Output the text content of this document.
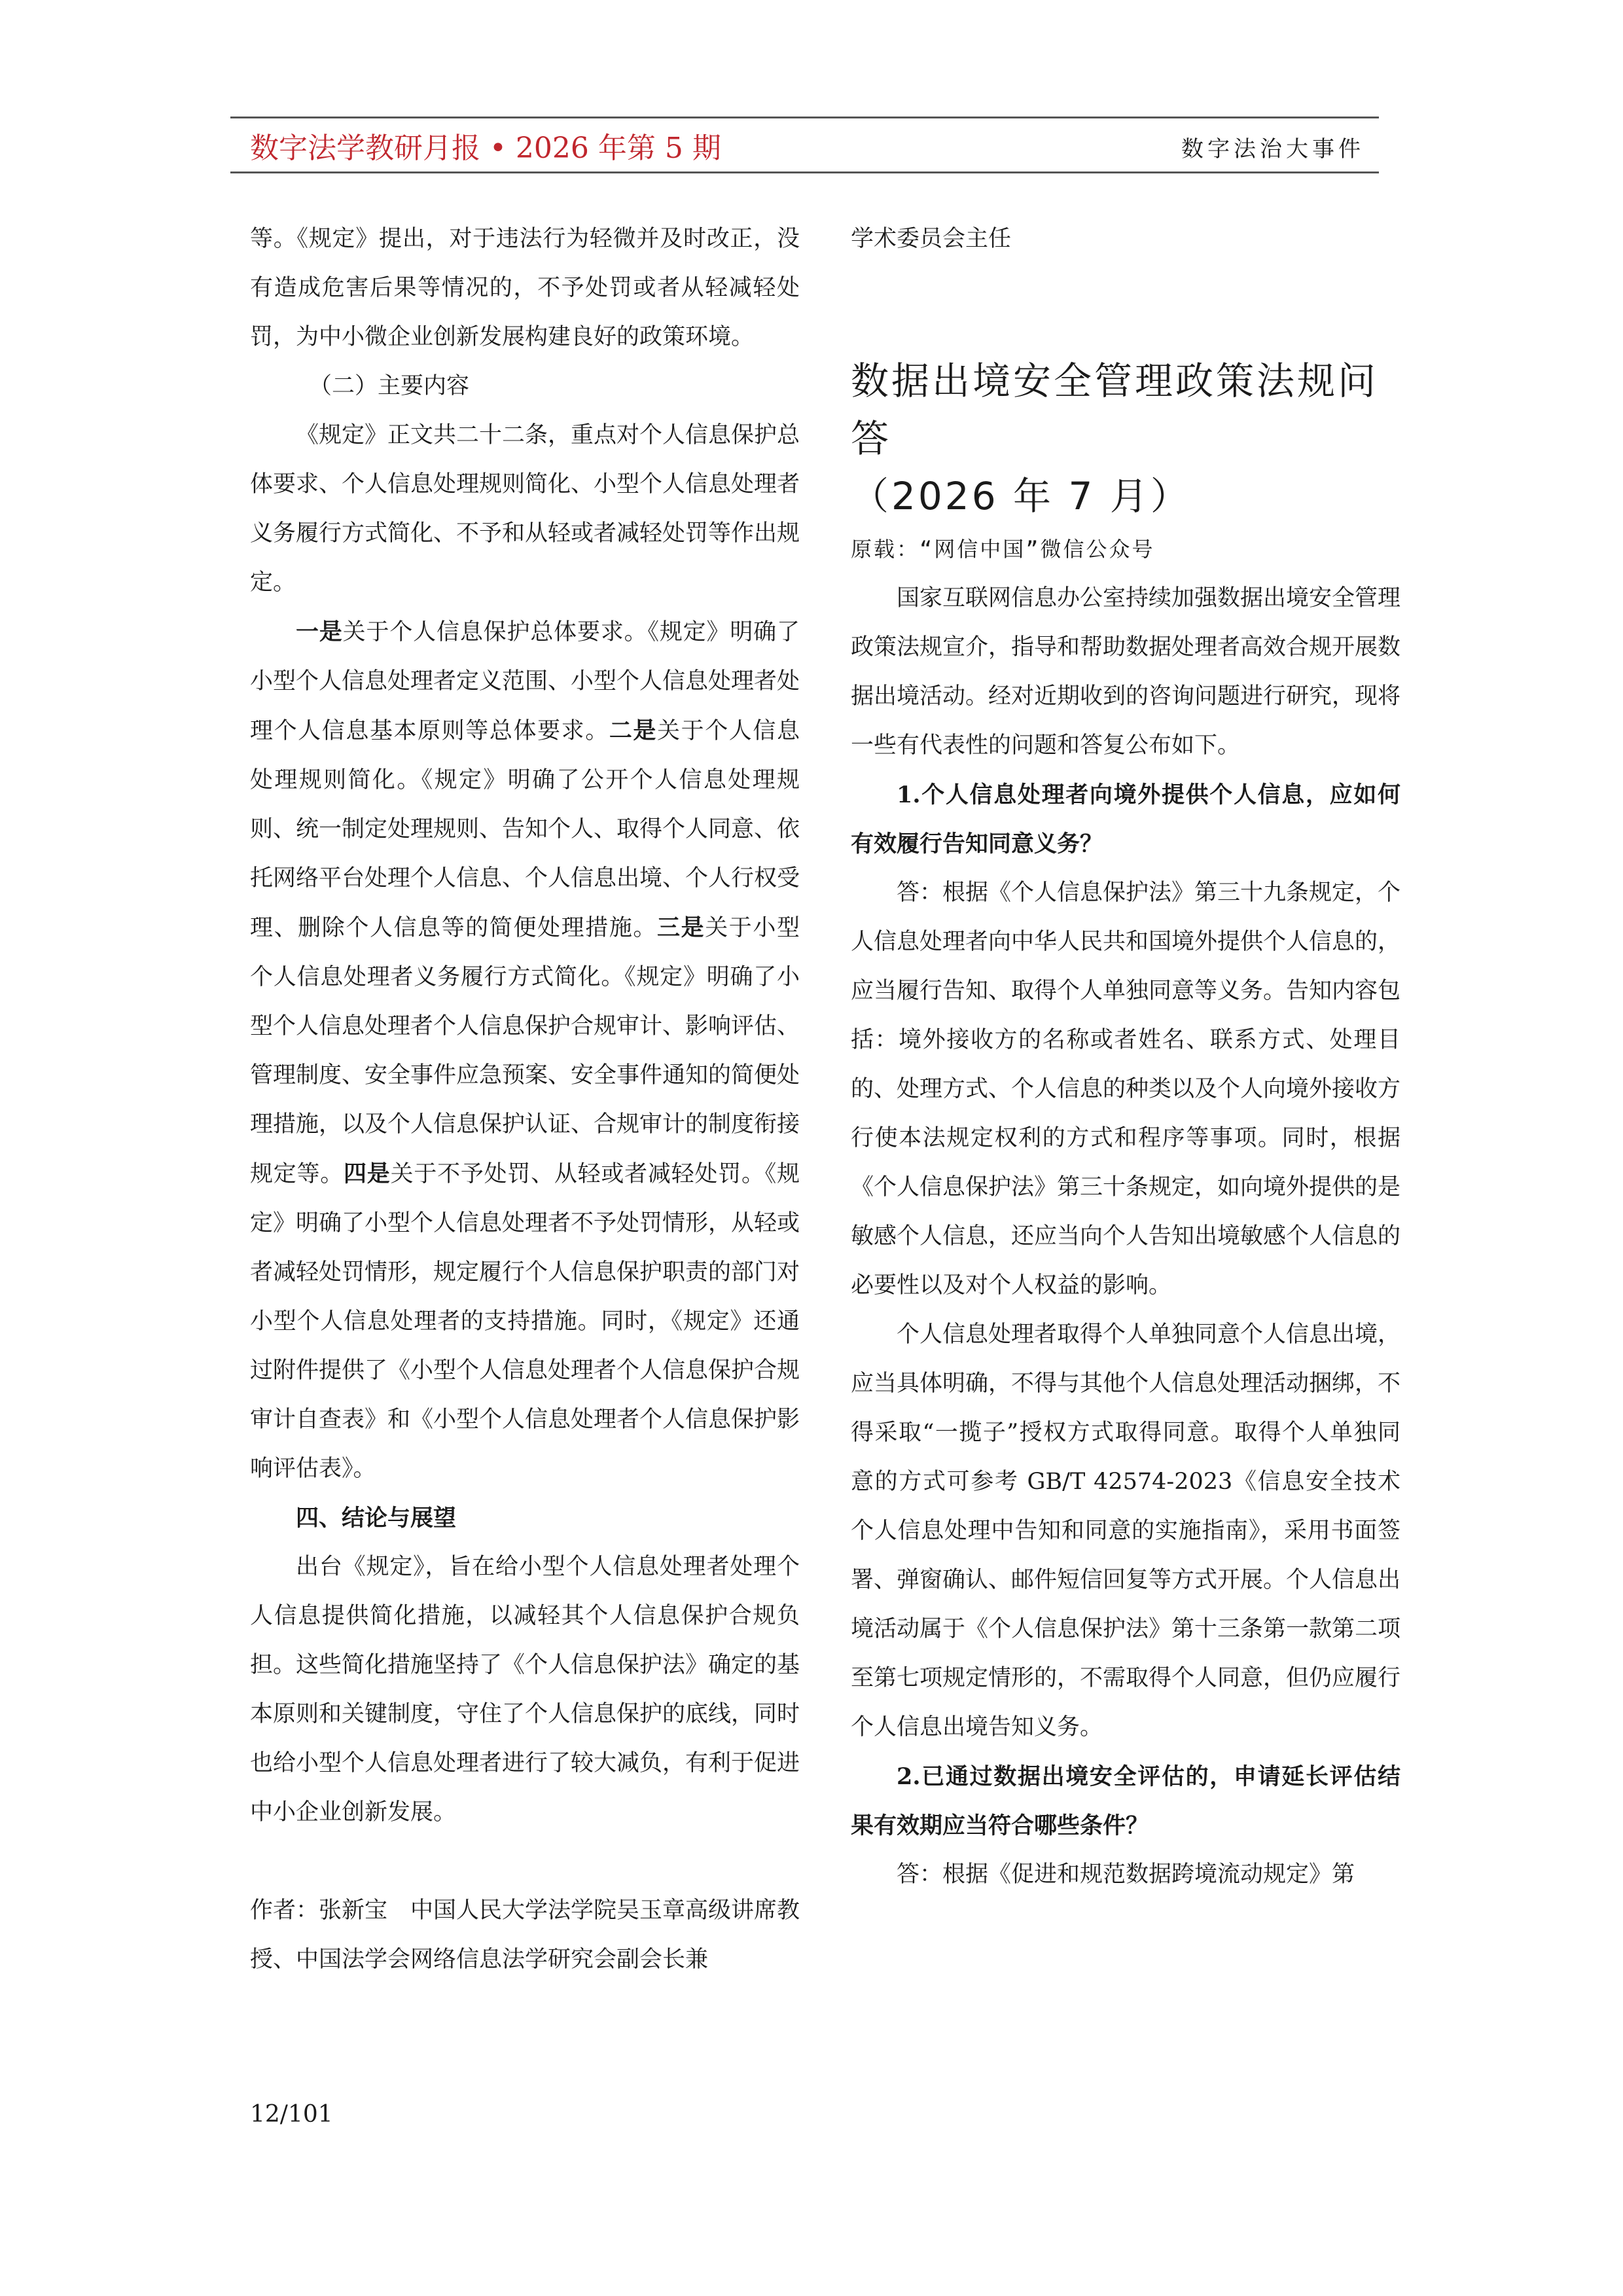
数字法学教研月报 • 2026 年第 5 期	数字法治大事件

等。《规定》提出，对于违法行为轻微并及时改正，没有造成危害后果等情况的，不予处罚或者从轻减轻处罚，为中小微企业创新发展构建良好的政策环境。

（二）主要内容

《规定》正文共二十二条，重点对个人信息保护总体要求、个人信息处理规则简化、小型个人信息处理者义务履行方式简化、不予和从轻或者减轻处罚等作出规定。

一是关于个人信息保护总体要求。《规定》明确了小型个人信息处理者定义范围、小型个人信息处理者处理个人信息基本原则等总体要求。二是关于个人信息处理规则简化。《规定》明确了公开个人信息处理规则、统一制定处理规则、告知个人、取得个人同意、依托网络平台处理个人信息、个人信息出境、个人行权受理、删除个人信息等的简便处理措施。三是关于小型个人信息处理者义务履行方式简化。《规定》明确了小型个人信息处理者个人信息保护合规审计、影响评估、管理制度、安全事件应急预案、安全事件通知的简便处理措施，以及个人信息保护认证、合规审计的制度衔接规定等。四是关于不予处罚、从轻或者减轻处罚。《规定》明确了小型个人信息处理者不予处罚情形，从轻或者减轻处罚情形，规定履行个人信息保护职责的部门对小型个人信息处理者的支持措施。同时，《规定》还通过附件提供了《小型个人信息处理者个人信息保护合规审计自查表》和《小型个人信息处理者个人信息保护影响评估表》。

四、结论与展望

出台《规定》，旨在给小型个人信息处理者处理个人信息提供简化措施，以减轻其个人信息保护合规负担。这些简化措施坚持了《个人信息保护法》确定的基本原则和关键制度，守住了个人信息保护的底线，同时也给小型个人信息处理者进行了较大减负，有利于促进中小企业创新发展。

作者：张新宝　中国人民大学法学院吴玉章高级讲席教授、中国法学会网络信息法学研究会副会长兼

学术委员会主任

数据出境安全管理政策法规问答
（2026 年 7 月）

原载：“网信中国”微信公众号

国家互联网信息办公室持续加强数据出境安全管理政策法规宣介，指导和帮助数据处理者高效合规开展数据出境活动。经对近期收到的咨询问题进行研究，现将一些有代表性的问题和答复公布如下。

1.个人信息处理者向境外提供个人信息，应如何有效履行告知同意义务？

答：根据《个人信息保护法》第三十九条规定，个人信息处理者向中华人民共和国境外提供个人信息的，应当履行告知、取得个人单独同意等义务。告知内容包括：境外接收方的名称或者姓名、联系方式、处理目的、处理方式、个人信息的种类以及个人向境外接收方行使本法规定权利的方式和程序等事项。同时，根据《个人信息保护法》第三十条规定，如向境外提供的是敏感个人信息，还应当向个人告知出境敏感个人信息的必要性以及对个人权益的影响。

个人信息处理者取得个人单独同意个人信息出境，应当具体明确，不得与其他个人信息处理活动捆绑，不得采取“一揽子”授权方式取得同意。取得个人单独同意的方式可参考 GB/T 42574-2023《信息安全技术 个人信息处理中告知和同意的实施指南》，采用书面签署、弹窗确认、邮件短信回复等方式开展。个人信息出境活动属于《个人信息保护法》第十三条第一款第二项至第七项规定情形的，不需取得个人同意，但仍应履行个人信息出境告知义务。

2.已通过数据出境安全评估的，申请延长评估结果有效期应当符合哪些条件？

答：根据《促进和规范数据跨境流动规定》第

12/101
